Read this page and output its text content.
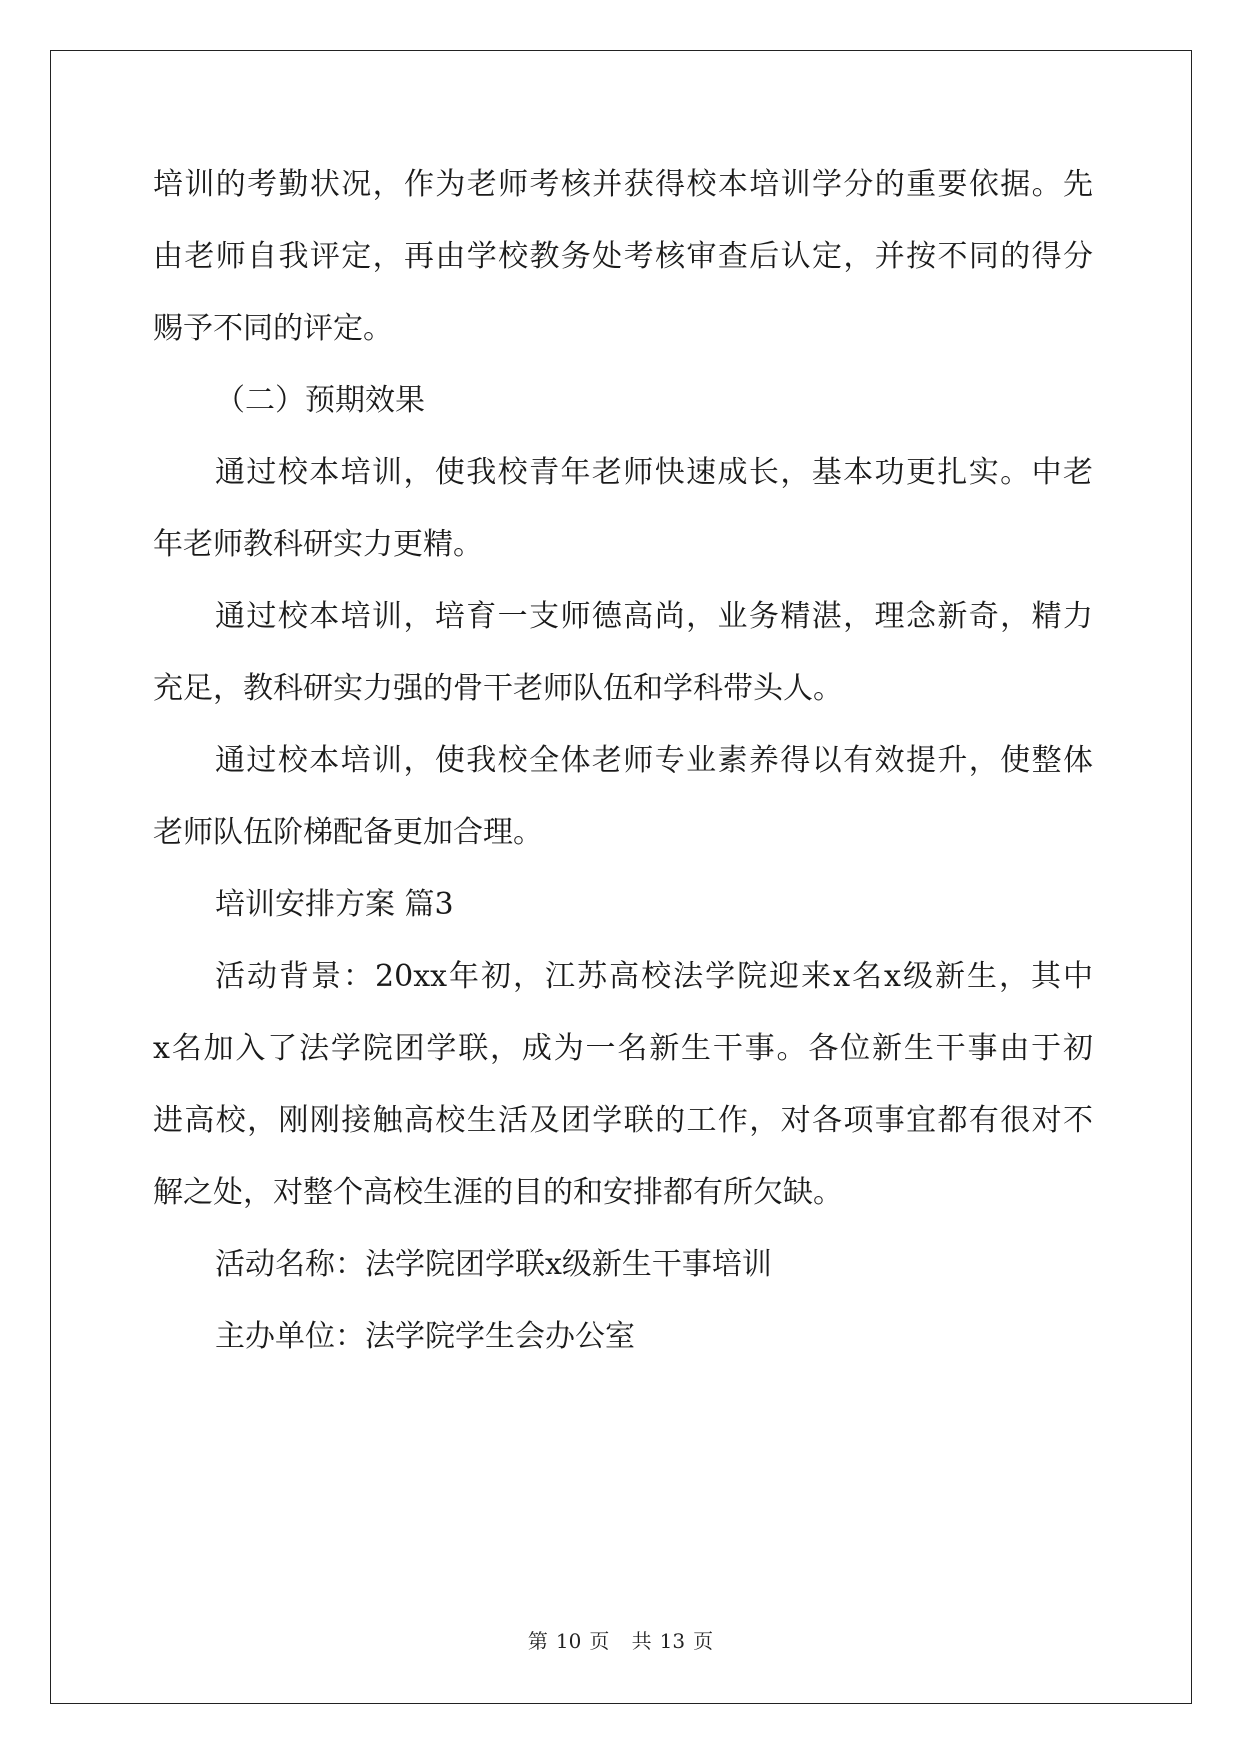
培训的考勤状况，作为老师考核并获得校本培训学分的重要依据。先
由老师自我评定，再由学校教务处考核审查后认定，并按不同的得分
赐予不同的评定。
（二）预期效果
通过校本培训，使我校青年老师快速成长，基本功更扎实。中老
年老师教科研实力更精。
通过校本培训，培育一支师德高尚，业务精湛，理念新奇，精力
充足，教科研实力强的骨干老师队伍和学科带头人。
通过校本培训，使我校全体老师专业素养得以有效提升，使整体
老师队伍阶梯配备更加合理。
培训安排方案 篇3
活动背景：20xx年初，江苏高校法学院迎来x名x级新生，其中
x名加入了法学院团学联，成为一名新生干事。各位新生干事由于初
进高校，刚刚接触高校生活及团学联的工作，对各项事宜都有很对不
解之处，对整个高校生涯的目的和安排都有所欠缺。
活动名称：法学院团学联x级新生干事培训
主办单位：法学院学生会办公室
第 10 页 共 13 页
